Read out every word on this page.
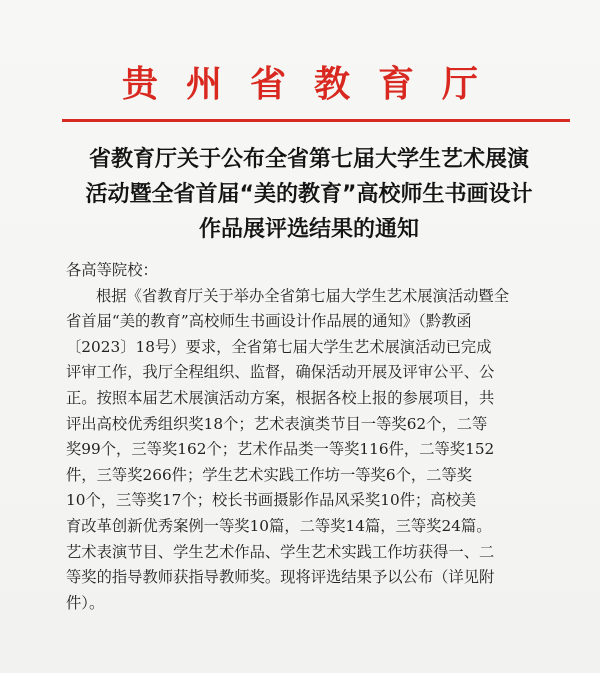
贵州省教育厅
省教育厅关于公布全省第七届大学生艺术展演
活动暨全省首届“美的教育”高校师生书画设计
作品展评选结果的通知
各高等院校：
根据《省教育厅关于举办全省第七届大学生艺术展演活动暨全
省首届“美的教育”高校师生书画设计作品展的通知》（黔教函
〔2023〕18号）要求，全省第七届大学生艺术展演活动已完成
评审工作，我厅全程组织、监督，确保活动开展及评审公平、公
正。按照本届艺术展演活动方案，根据各校上报的参展项目，共
评出高校优秀组织奖18个；艺术表演类节目一等奖62个，二等
奖99个，三等奖162个；艺术作品类一等奖116件，二等奖152
件，三等奖266件；学生艺术实践工作坊一等奖6个，二等奖
10个，三等奖17个；校长书画摄影作品风采奖10件；高校美
育改革创新优秀案例一等奖10篇，二等奖14篇，三等奖24篇。
艺术表演节目、学生艺术作品、学生艺术实践工作坊获得一、二
等奖的指导教师获指导教师奖。现将评选结果予以公布（详见附
件）。
